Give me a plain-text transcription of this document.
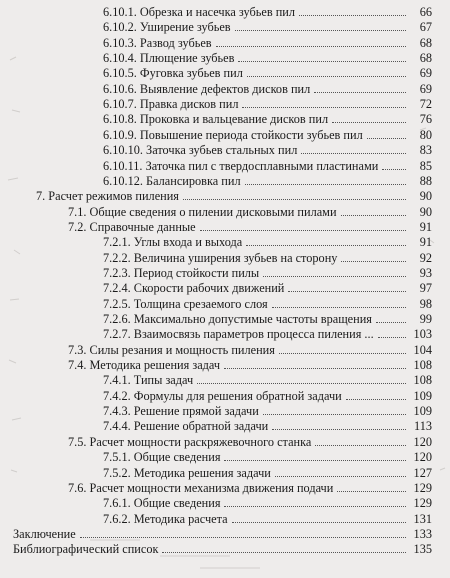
6.10.1. Обрезка и насечка зубьев пил	66
6.10.2. Уширение зубьев	67
6.10.3. Развод зубьев	68
6.10.4. Плющение зубьев	68
6.10.5. Фуговка зубьев пил	69
6.10.6. Выявление дефектов дисков пил	69
6.10.7. Правка дисков пил	72
6.10.8. Проковка и вальцевание дисков пил	76
6.10.9. Повышение периода стойкости зубьев пил	80
6.10.10. Заточка зубьев стальных пил	83
6.10.11. Заточка пил с твердосплавными пластинами	85
6.10.12. Балансировка пил	88
7. Расчет режимов пиления	90
7.1. Общие сведения о пилении дисковыми пилами	90
7.2. Справочные данные	91
7.2.1. Углы входа и выхода	91
7.2.2. Величина уширения зубьев на сторону	92
7.2.3. Период стойкости пилы	93
7.2.4. Скорости рабочих движений	97
7.2.5. Толщина срезаемого слоя	98
7.2.6. Максимально допустимые частоты вращения	99
7.2.7. Взаимосвязь параметров процесса пиления ...	103
7.3. Силы резания и мощность пиления	104
7.4. Методика решения задач	108
7.4.1. Типы задач	108
7.4.2. Формулы для решения обратной задачи	109
7.4.3. Решение прямой задачи	109
7.4.4. Решение обратной задачи	113
7.5. Расчет мощности раскряжевочного станка	120
7.5.1. Общие сведения	120
7.5.2. Методика решения задачи	127
7.6. Расчет мощности механизма движения подачи	129
7.6.1. Общие сведения	129
7.6.2. Методика расчета	131
Заключение	133
Библиографический список	135
